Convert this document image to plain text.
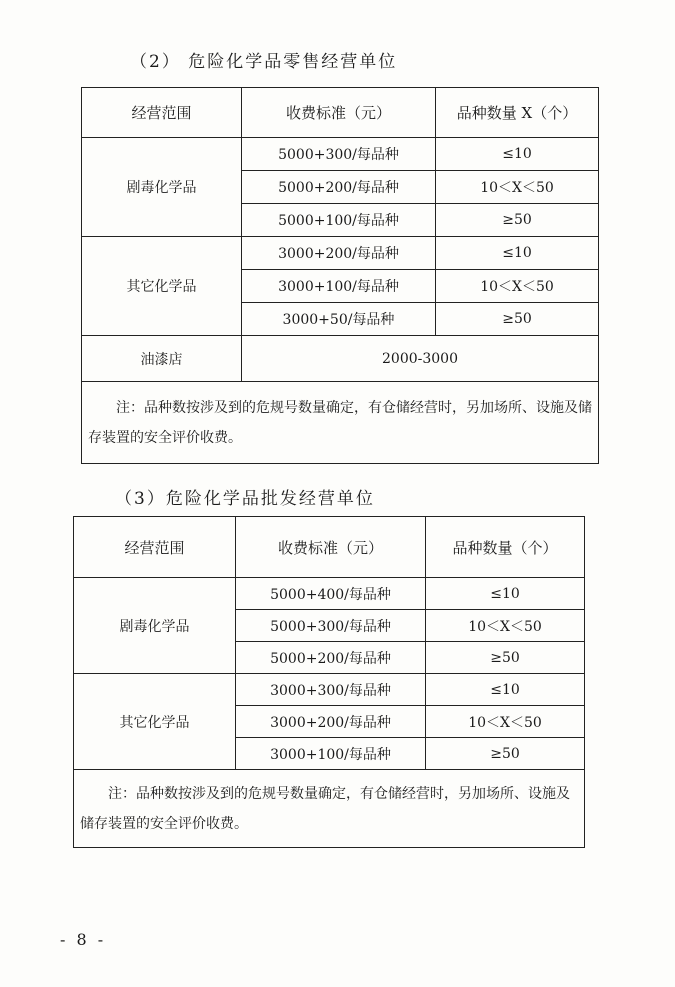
（2） 危险化学品零售经营单位
经营范围	收费标准（元）	品种数量 X（个）
剧毒化学品	5000+300/每品种	≤10
	5000+200/每品种	10＜X＜50
	5000+100/每品种	≥50
其它化学品	3000+200/每品种	≤10
	3000+100/每品种	10＜X＜50
	3000+50/每品种	≥50
油漆店	2000-3000	
注：品种数按涉及到的危规号数量确定，有仓储经营时，另加场所、设施及储存装置的安全评价收费。		
（3）危险化学品批发经营单位
经营范围	收费标准（元）	品种数量（个）
剧毒化学品	5000+400/每品种	≤10
	5000+300/每品种	10＜X＜50
	5000+200/每品种	≥50
其它化学品	3000+300/每品种	≤10
	3000+200/每品种	10＜X＜50
	3000+100/每品种	≥50
注：品种数按涉及到的危规号数量确定，有仓储经营时，另加场所、设施及储存装置的安全评价收费。		
- 8 -
